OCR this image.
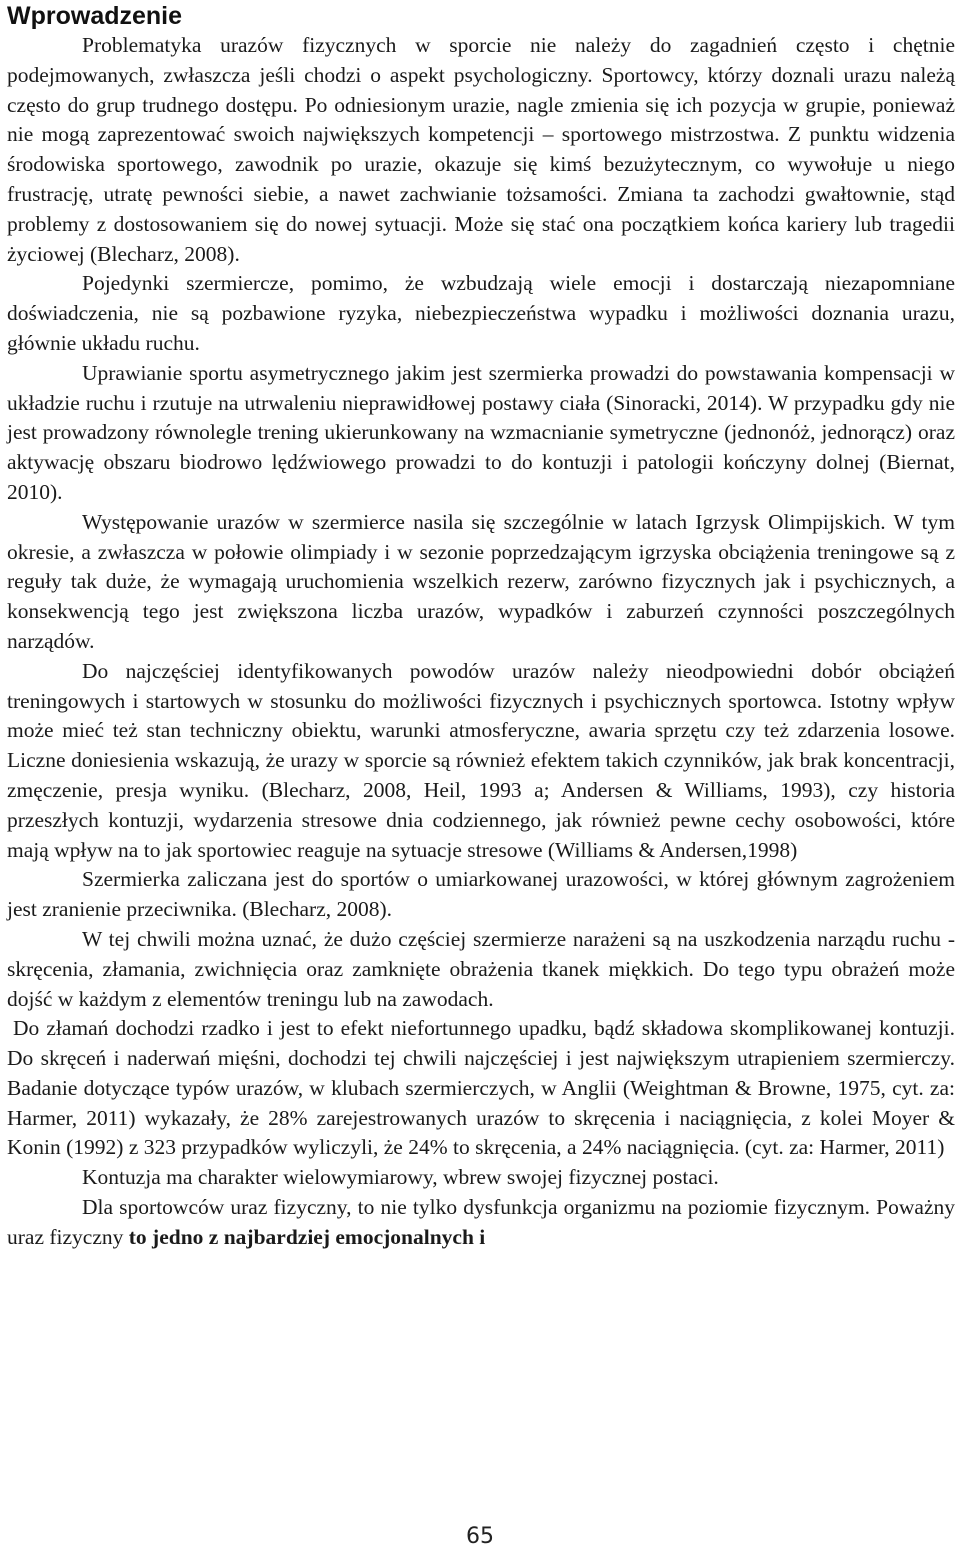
Wprowadzenie

Problematyka urazów fizycznych w sporcie nie należy do zagadnień często i chętnie podejmowanych, zwłaszcza jeśli chodzi o aspekt psychologiczny. Sportowcy, którzy doznali urazu należą często do grup trudnego dostępu. Po odniesionym urazie, nagle zmienia się ich pozycja w grupie, ponieważ nie mogą zaprezentować swoich największych kompetencji – sportowego mistrzostwa. Z punktu widzenia środowiska sportowego, zawodnik po urazie, okazuje się kimś bezużytecznym, co wywołuje u niego frustrację, utratę pewności siebie, a nawet zachwianie tożsamości. Zmiana ta zachodzi gwałtownie, stąd problemy z dostosowaniem się do nowej sytuacji. Może się stać ona początkiem końca kariery lub tragedii życiowej (Blecharz, 2008).

Pojedynki szermiercze, pomimo, że wzbudzają wiele emocji i dostarczają niezapomniane doświadczenia, nie są pozbawione ryzyka, niebezpieczeństwa wypadku i możliwości doznania urazu, głównie układu ruchu.

Uprawianie sportu asymetrycznego jakim jest szermierka prowadzi do powstawania kompensacji w układzie ruchu i rzutuje na utrwaleniu nieprawidłowej postawy ciała (Sinoracki, 2014). W przypadku gdy nie jest prowadzony równolegle trening ukierunkowany na wzmacnianie symetryczne (jednonóż, jednorącz) oraz aktywację obszaru biodrowo lędźwiowego prowadzi to do kontuzji i patologii kończyny dolnej (Biernat, 2010).

Występowanie urazów w szermierce nasila się szczególnie w latach Igrzysk Olimpijskich. W tym okresie, a zwłaszcza w połowie olimpiady i w sezonie poprzedzającym igrzyska obciążenia treningowe są z reguły tak duże, że wymagają uruchomienia wszelkich rezerw, zarówno fizycznych jak i psychicznych, a konsekwencją tego jest zwiększona liczba urazów, wypadków i zaburzeń czynności poszczególnych narządów.

Do najczęściej identyfikowanych powodów urazów należy nieodpowiedni dobór obciążeń treningowych i startowych w stosunku do możliwości fizycznych i psychicznych sportowca. Istotny wpływ może mieć też stan techniczny obiektu, warunki atmosferyczne, awaria sprzętu czy też zdarzenia losowe. Liczne doniesienia wskazują, że urazy w sporcie są również efektem takich czynników, jak brak koncentracji, zmęczenie, presja wyniku. (Blecharz, 2008, Heil, 1993 a; Andersen & Williams, 1993), czy historia przeszłych kontuzji, wydarzenia stresowe dnia codziennego, jak również pewne cechy osobowości, które mają wpływ na to jak sportowiec reaguje na sytuacje stresowe (Williams & Andersen,1998)

Szermierka zaliczana jest do sportów o umiarkowanej urazowości, w której głównym zagrożeniem jest zranienie przeciwnika. (Blecharz, 2008).

W tej chwili można uznać, że dużo częściej szermierze narażeni są na uszkodzenia narządu ruchu - skręcenia, złamania, zwichnięcia oraz zamknięte obrażenia tkanek miękkich. Do tego typu obrażeń może dojść w każdym z elementów treningu lub na zawodach.

Do złamań dochodzi rzadko i jest to efekt niefortunnego upadku, bądź składowa skomplikowanej kontuzji. Do skręceń i naderwań mięśni, dochodzi tej chwili najczęściej i jest największym utrapieniem szermierczy. Badanie dotyczące typów urazów, w klubach szermierczych, w Anglii (Weightman & Browne, 1975, cyt. za: Harmer, 2011) wykazały, że 28% zarejestrowanych urazów to skręcenia i naciągnięcia, z kolei Moyer & Konin (1992) z 323 przypadków wyliczyli, że 24% to skręcenia, a 24% naciągnięcia. (cyt. za: Harmer, 2011)

Kontuzja ma charakter wielowymiarowy, wbrew swojej fizycznej postaci.

Dla sportowców uraz fizyczny, to nie tylko dysfunkcja organizmu na poziomie fizycznym. Poważny uraz fizyczny to jedno z najbardziej emocjonalnych i

65
